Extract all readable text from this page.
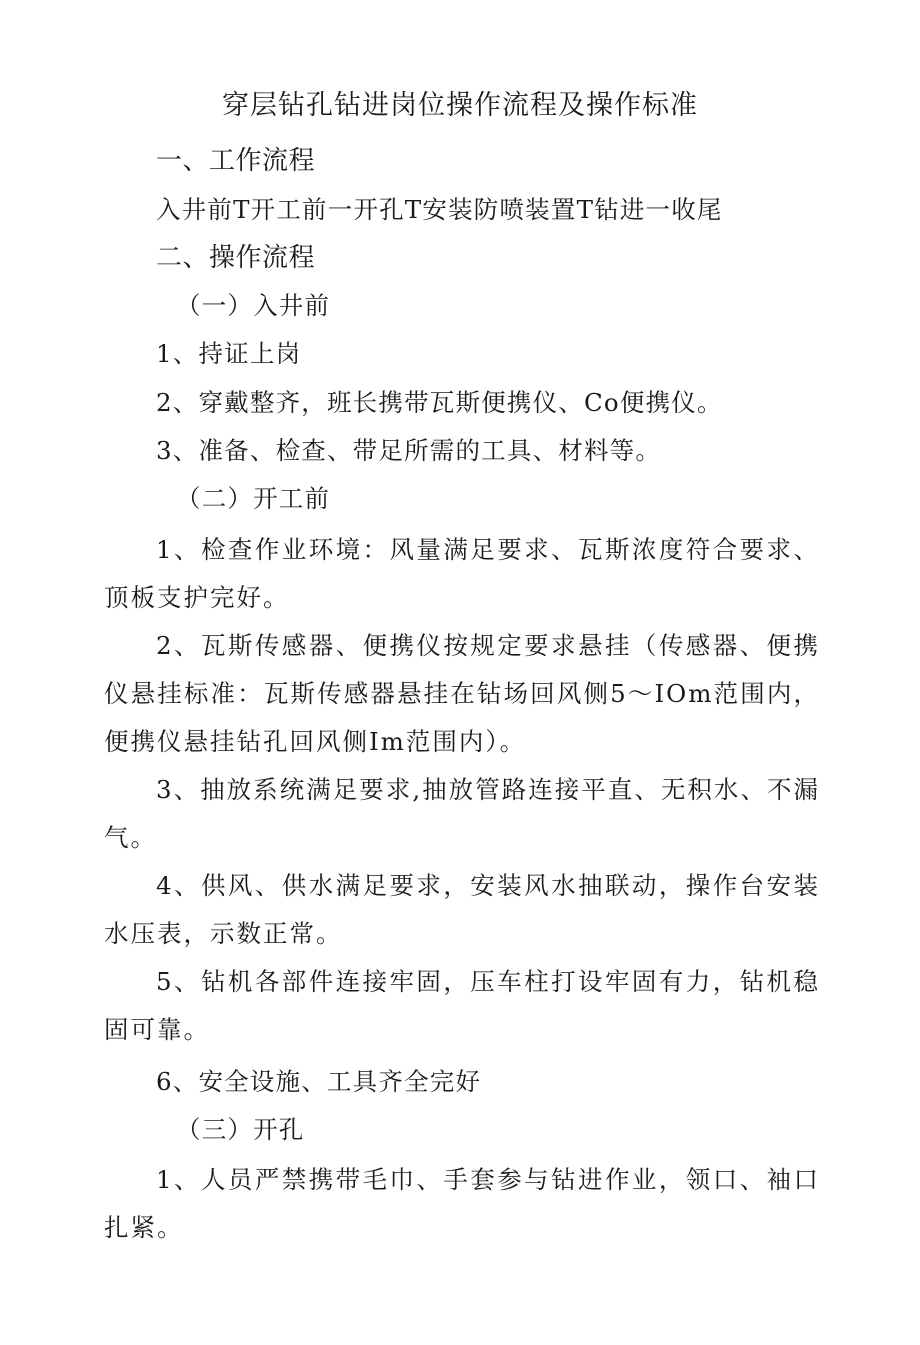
穿层钻孔钻进岗位操作流程及操作标准

一、工作流程

入井前T开工前一开孔T安装防喷装置T钻进一收尾

二、操作流程

（一）入井前

1、持证上岗

2、穿戴整齐，班长携带瓦斯便携仪、Co便携仪。

3、准备、检查、带足所需的工具、材料等。

（二）开工前

1、检查作业环境：风量满足要求、瓦斯浓度符合要求、顶板支护完好。

2、瓦斯传感器、便携仪按规定要求悬挂（传感器、便携仪悬挂标准：瓦斯传感器悬挂在钻场回风侧5～IOm范围内，便携仪悬挂钻孔回风侧Im范围内）。

3、抽放系统满足要求,抽放管路连接平直、无积水、不漏气。

4、供风、供水满足要求，安装风水抽联动，操作台安装水压表，示数正常。

5、钻机各部件连接牢固，压车柱打设牢固有力，钻机稳固可靠。

6、安全设施、工具齐全完好

（三）开孔

1、人员严禁携带毛巾、手套参与钻进作业，领口、袖口扎紧。
